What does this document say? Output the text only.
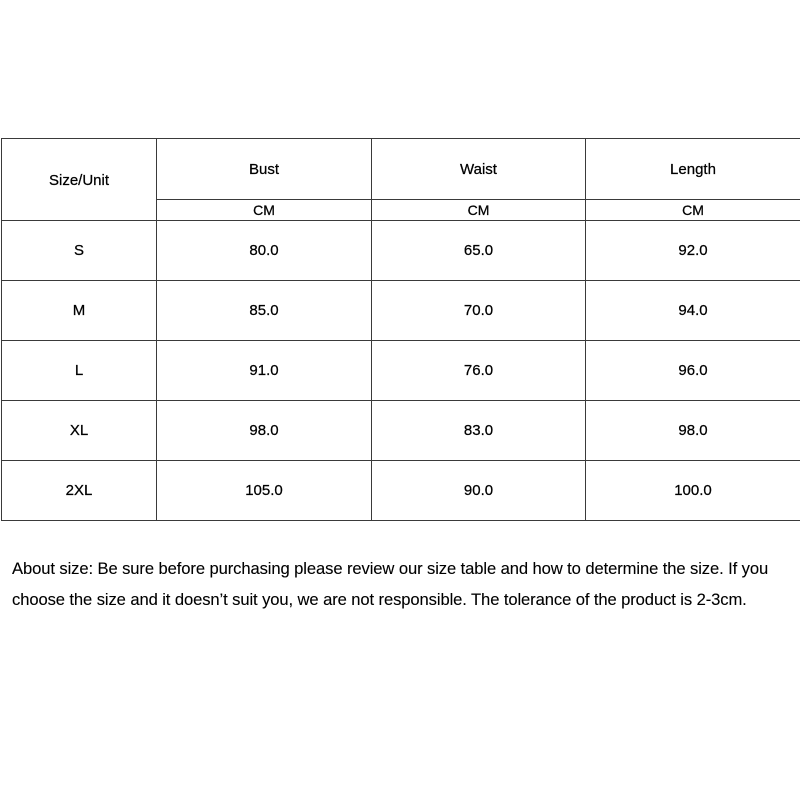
Size/Unit	Bust	Waist	Length
	CM	CM	CM
S	80.0	65.0	92.0
M	85.0	70.0	94.0
L	91.0	76.0	96.0
XL	98.0	83.0	98.0
2XL	105.0	90.0	100.0

About size: Be sure before purchasing please review our size table and how to determine the size. If you choose the size and it doesn’t suit you, we are not responsible. The tolerance of the product is 2-3cm.
